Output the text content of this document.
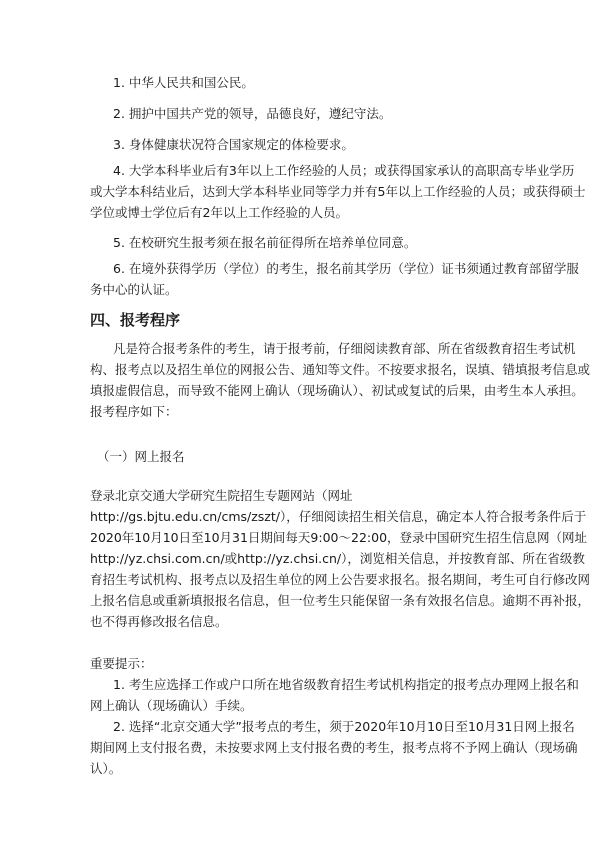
1. 中华人民共和国公民。

2. 拥护中国共产党的领导，品德良好，遵纪守法。

3. 身体健康状况符合国家规定的体检要求。

4. 大学本科毕业后有3年以上工作经验的人员；或获得国家承认的高职高专毕业学历
或大学本科结业后，达到大学本科毕业同等学力并有5年以上工作经验的人员；或获得硕士
学位或博士学位后有2年以上工作经验的人员。

5. 在校研究生报考须在报名前征得所在培养单位同意。

6. 在境外获得学历（学位）的考生，报名前其学历（学位）证书须通过教育部留学服
务中心的认证。

四、报考程序

凡是符合报考条件的考生，请于报考前，仔细阅读教育部、所在省级教育招生考试机
构、报考点以及招生单位的网报公告、通知等文件。不按要求报名，误填、错填报考信息或
填报虚假信息，而导致不能网上确认（现场确认）、初试或复试的后果，由考生本人承担。
报考程序如下：

（一）网上报名

登录北京交通大学研究生院招生专题网站（网址
http://gs.bjtu.edu.cn/cms/zszt/），仔细阅读招生相关信息，确定本人符合报考条件后于
2020年10月10日至10月31日期间每天9:00～22:00，登录中国研究生招生信息网（网址
http://yz.chsi.com.cn/或http://yz.chsi.cn/），浏览相关信息，并按教育部、所在省级教
育招生考试机构、报考点以及招生单位的网上公告要求报名。报名期间，考生可自行修改网
上报名信息或重新填报报名信息，但一位考生只能保留一条有效报名信息。逾期不再补报，
也不得再修改报名信息。

重要提示：

1. 考生应选择工作或户口所在地省级教育招生考试机构指定的报考点办理网上报名和
网上确认（现场确认）手续。

2. 选择“北京交通大学”报考点的考生，须于2020年10月10日至10月31日网上报名
期间网上支付报名费，未按要求网上支付报名费的考生，报考点将不予网上确认（现场确
认）。
